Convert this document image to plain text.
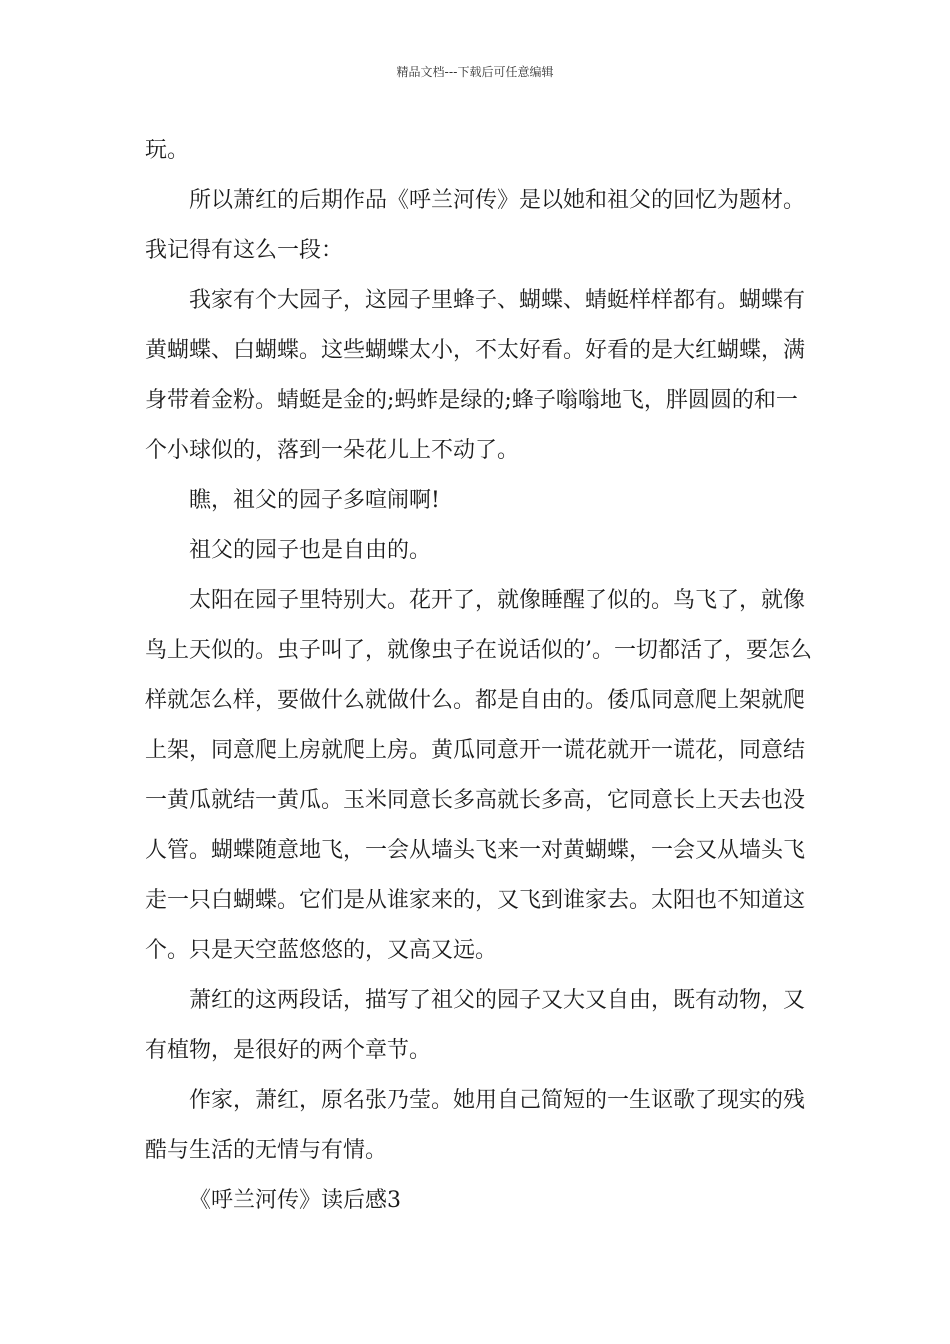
精品文档---下载后可任意编辑

玩。

所以萧红的后期作品《呼兰河传》是以她和祖父的回忆为题材。我记得有这么一段：

我家有个大园子，这园子里蜂子、蝴蝶、蜻蜓样样都有。蝴蝶有黄蝴蝶、白蝴蝶。这些蝴蝶太小，不太好看。好看的是大红蝴蝶，满身带着金粉。蜻蜓是金的;蚂蚱是绿的;蜂子嗡嗡地飞，胖圆圆的和一个小球似的，落到一朵花儿上不动了。

瞧，祖父的园子多喧闹啊!

祖父的园子也是自由的。

太阳在园子里特别大。花开了，就像睡醒了似的。鸟飞了，就像鸟上天似的。虫子叫了，就像虫子在说话似的’。一切都活了，要怎么样就怎么样，要做什么就做什么。都是自由的。倭瓜同意爬上架就爬上架，同意爬上房就爬上房。黄瓜同意开一谎花就开一谎花，同意结一黄瓜就结一黄瓜。玉米同意长多高就长多高，它同意长上天去也没人管。蝴蝶随意地飞，一会从墙头飞来一对黄蝴蝶，一会又从墙头飞走一只白蝴蝶。它们是从谁家来的，又飞到谁家去。太阳也不知道这个。只是天空蓝悠悠的，又高又远。

萧红的这两段话，描写了祖父的园子又大又自由，既有动物，又有植物，是很好的两个章节。

作家，萧红，原名张乃莹。她用自己简短的一生讴歌了现实的残酷与生活的无情与有情。

《呼兰河传》读后感3
